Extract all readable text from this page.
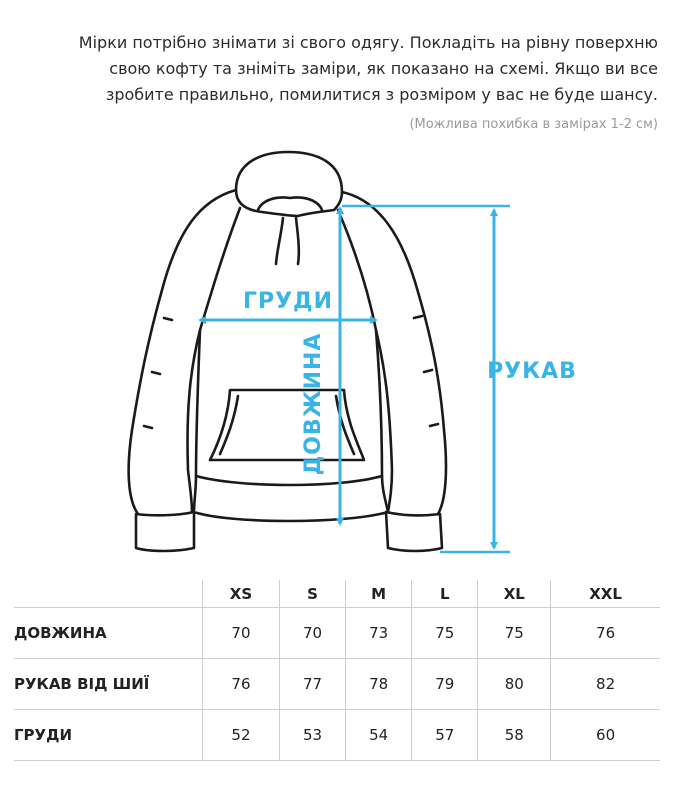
Мірки потрібно знімати зі свого одягу. Покладіть на рівну поверхню

свою кофту та зніміть заміри, як показано на схемі. Якщо ви все

зробите правильно, помилитися з розміром у вас не буде шансу.

(Можлива похибка в замірах 1-2 см)
ГРУДИ
ДОВЖИНА	РУКАВ
	XS	S	M	L	XL	XXL
ДОВЖИНА	70	70	73	75	75	76
РУКАВ ВІД ШИЇ	76	77	78	79	80	82
ГРУДИ	52	53	54	57	58	60
